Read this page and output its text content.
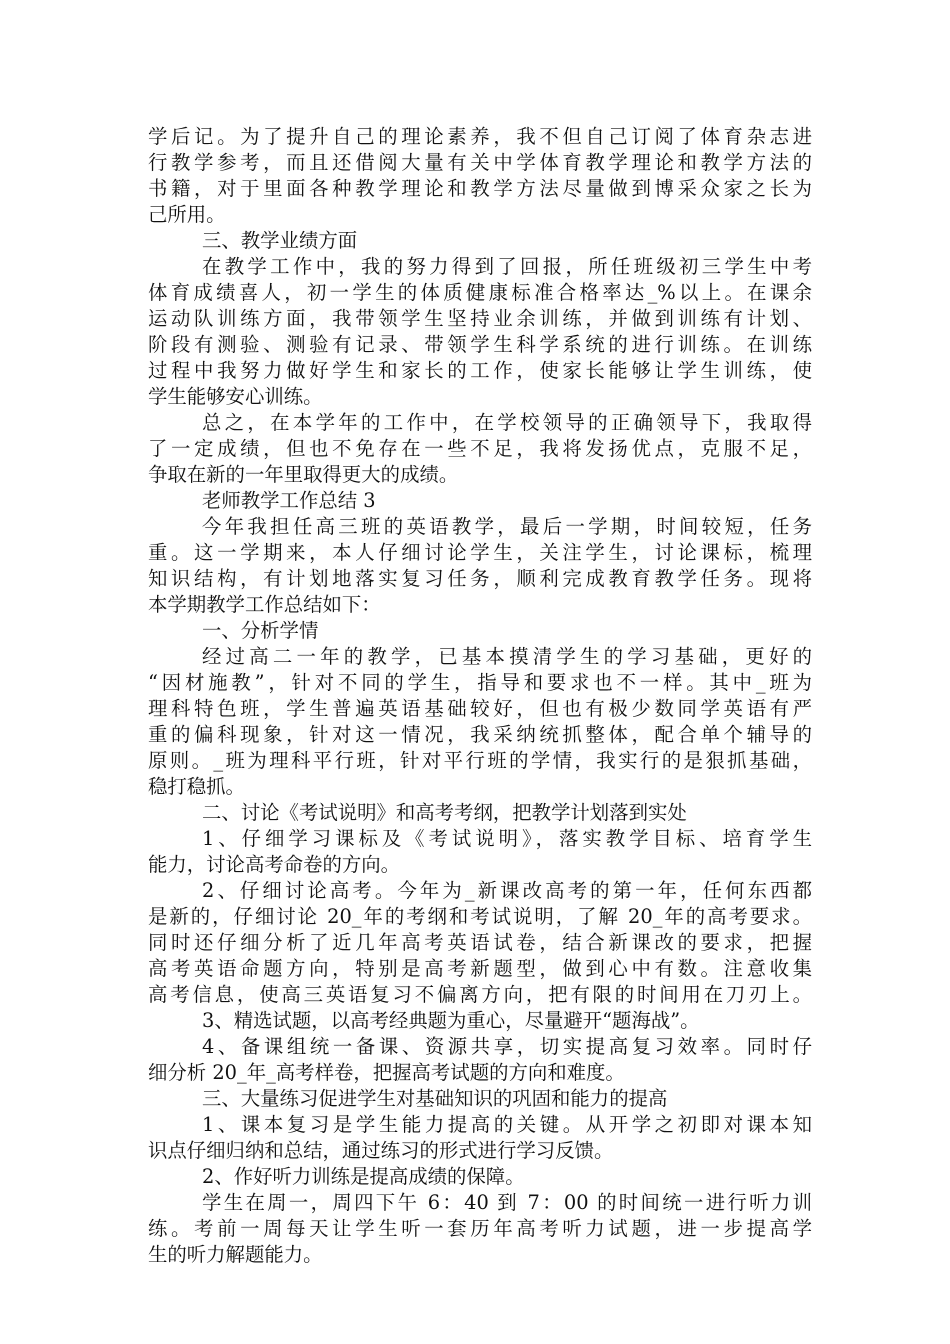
学后记。为了提升自己的理论素养，我不但自己订阅了体育杂志进
行教学参考，而且还借阅大量有关中学体育教学理论和教学方法的
书籍，对于里面各种教学理论和教学方法尽量做到博采众家之长为
己所用。
三、教学业绩方面
在教学工作中，我的努力得到了回报，所任班级初三学生中考
体育成绩喜人，初一学生的体质健康标准合格率达_%以上。在课余
运动队训练方面，我带领学生坚持业余训练，并做到训练有计划、
阶段有测验、测验有记录、带领学生科学系统的进行训练。在训练
过程中我努力做好学生和家长的工作，使家长能够让学生训练，使
学生能够安心训练。
总之，在本学年的工作中，在学校领导的正确领导下，我取得
了一定成绩，但也不免存在一些不足，我将发扬优点，克服不足，
争取在新的一年里取得更大的成绩。
老师教学工作总结 3
今年我担任高三班的英语教学，最后一学期，时间较短，任务
重。这一学期来，本人仔细讨论学生，关注学生，讨论课标，梳理
知识结构，有计划地落实复习任务，顺利完成教育教学任务。现将
本学期教学工作总结如下：
一、分析学情
经过高二一年的教学，已基本摸清学生的学习基础，更好的
“因材施教”，针对不同的学生，指导和要求也不一样。其中_班为
理科特色班，学生普遍英语基础较好，但也有极少数同学英语有严
重的偏科现象，针对这一情况，我采纳统抓整体，配合单个辅导的
原则。_班为理科平行班，针对平行班的学情，我实行的是狠抓基础，
稳打稳抓。
二、讨论《考试说明》和高考考纲，把教学计划落到实处
1、仔细学习课标及《考试说明》，落实教学目标、培育学生
能力，讨论高考命卷的方向。
2、仔细讨论高考。今年为_新课改高考的第一年，任何东西都
是新的，仔细讨论 20_年的考纲和考试说明，了解 20_年的高考要求。
同时还仔细分析了近几年高考英语试卷，结合新课改的要求，把握
高考英语命题方向，特别是高考新题型，做到心中有数。注意收集
高考信息，使高三英语复习不偏离方向，把有限的时间用在刀刃上。
3、精选试题，以高考经典题为重心，尽量避开“题海战”。
4、备课组统一备课、资源共享，切实提高复习效率。同时仔
细分析 20_年_高考样卷，把握高考试题的方向和难度。
三、大量练习促进学生对基础知识的巩固和能力的提高
1、课本复习是学生能力提高的关键。从开学之初即对课本知
识点仔细归纳和总结，通过练习的形式进行学习反馈。
2、作好听力训练是提高成绩的保障。
学生在周一，周四下午 6：40 到 7：00 的时间统一进行听力训
练。考前一周每天让学生听一套历年高考听力试题，进一步提高学
生的听力解题能力。
